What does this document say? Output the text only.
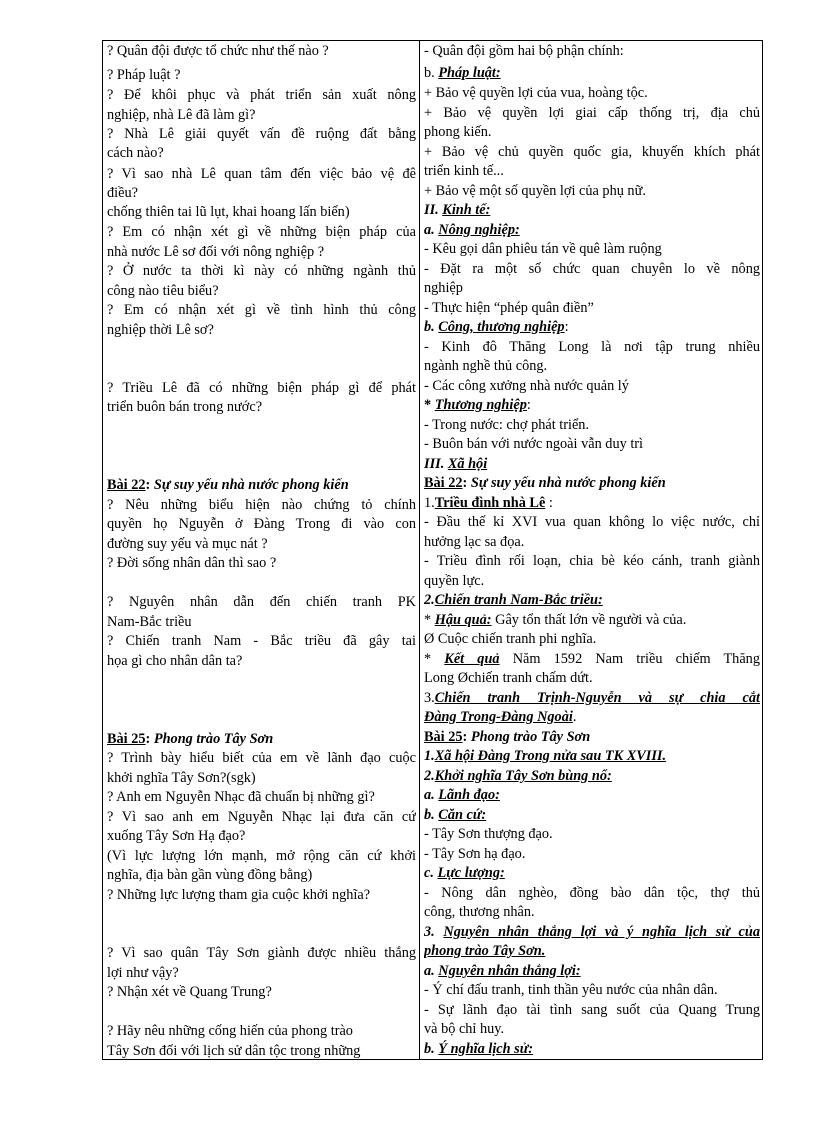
? Quân đội được tổ chức như thế nào ?
? Pháp luật ?
? Để khôi phục và phát triển sản xuất nông
nghiệp, nhà Lê đã làm gì?
? Nhà Lê giải quyết vấn đề ruộng đất bằng
cách nào?
? Vì sao nhà Lê quan tâm đến việc bảo vệ đê
điều?
chống thiên tai lũ lụt, khai hoang lấn biển)
? Em có nhận xét gì về những biện pháp của
nhà nước Lê sơ đối với nông nghiệp ?
? Ở nước ta thời kì này có những ngành thủ
công nào tiêu biểu?
? Em có nhận xét gì về tình hình thủ công
nghiệp thời Lê sơ?
? Triều Lê đã có những biện pháp gì để phát
triển buôn bán trong nước?
Bài 22: Sự suy yếu nhà nước phong kiến
? Nêu những biểu hiện nào chứng tỏ chính
quyền họ Nguyễn ở Đàng Trong đi vào con
đường suy yếu và mục nát ?
? Đời sống nhân dân thì sao ?
? Nguyên nhân dẫn đến chiến tranh PK
Nam-Bắc triều
? Chiến tranh Nam - Bắc triều đã gây tai
họa gì cho nhân dân ta?
Bài 25: Phong trào Tây Sơn
? Trình bày hiểu biết của em về lãnh đạo cuộc
khởi nghĩa Tây Sơn?(sgk)
? Anh em Nguyễn Nhạc đã chuẩn bị những gì?
? Vì sao anh em Nguyễn Nhạc lại đưa căn cứ
xuống Tây Sơn Hạ đạo?
(Vì lực lượng lớn mạnh, mở rộng căn cứ khởi
nghĩa, địa bàn gần vùng đồng bằng)
? Những lực lượng tham gia cuộc khởi nghĩa?
? Vì sao quân Tây Sơn giành được nhiều thắng
lợi như vậy?
? Nhận xét về Quang Trung?
? Hãy nêu những cống hiến của phong trào
Tây Sơn đối với lịch sử dân tộc trong những
- Quân đội gồm hai bộ phận chính:
b. Pháp luật:
+ Bảo vệ quyền lợi của vua, hoàng tộc.
+ Bảo vệ quyền lợi giai cấp thống trị, địa chủ
phong kiến.
+ Bảo vệ chủ quyền quốc gia, khuyến khích phát
triển kinh tế...
+ Bảo vệ một số quyền lợi của phụ nữ.
II. Kinh tế:
a. Nông nghiệp:
- Kêu gọi dân phiêu tán về quê làm ruộng
- Đặt ra một số chức quan chuyên lo về nông
nghiệp
- Thực hiện “phép quân điền”
b. Công, thương nghiệp:
- Kinh đô Thăng Long là nơi tập trung nhiều
ngành nghề thủ công.
- Các công xưởng nhà nước quản lý
* Thương nghiệp:
- Trong nước: chợ phát triển.
- Buôn bán với nước ngoài vẫn duy trì
III. Xã hội
Bài 22: Sự suy yếu nhà nước phong kiến
1.Triều đình nhà Lê :
- Đầu thế kỉ XVI vua quan không lo việc nước, chỉ
hưởng lạc sa đọa.
- Triều đình rối loạn, chia bè kéo cánh, tranh giành
quyền lực.
2.Chiến tranh Nam-Bắc triều:
* Hậu quả: Gây tổn thất lớn về người và của.
Ø Cuộc chiến tranh phi nghĩa.
* Kết quả Năm 1592 Nam triều chiếm Thăng
Long Øchiến tranh chấm dứt.
3.Chiến tranh Trịnh-Nguyễn và sự chia cắt
Đàng Trong-Đàng Ngoài.
Bài 25: Phong trào Tây Sơn
1.Xã hội Đàng Trong nửa sau TK XVIII.
2.Khởi nghĩa Tây Sơn bùng nổ:
a. Lãnh đạo:
b. Căn cứ:
- Tây Sơn thượng đạo.
- Tây Sơn hạ đạo.
c. Lực lượng:
- Nông dân nghèo, đồng bào dân tộc, thợ thủ
công, thương nhân.
3. Nguyên nhân thắng lợi và ý nghĩa lịch sử của
phong trào Tây Sơn.
a. Nguyên nhân thắng lợi:
- Ý chí đấu tranh, tinh thần yêu nước của nhân dân.
- Sự lãnh đạo tài tình sang suốt của Quang Trung
và bộ chỉ huy.
b. Ý nghĩa lịch sử:
